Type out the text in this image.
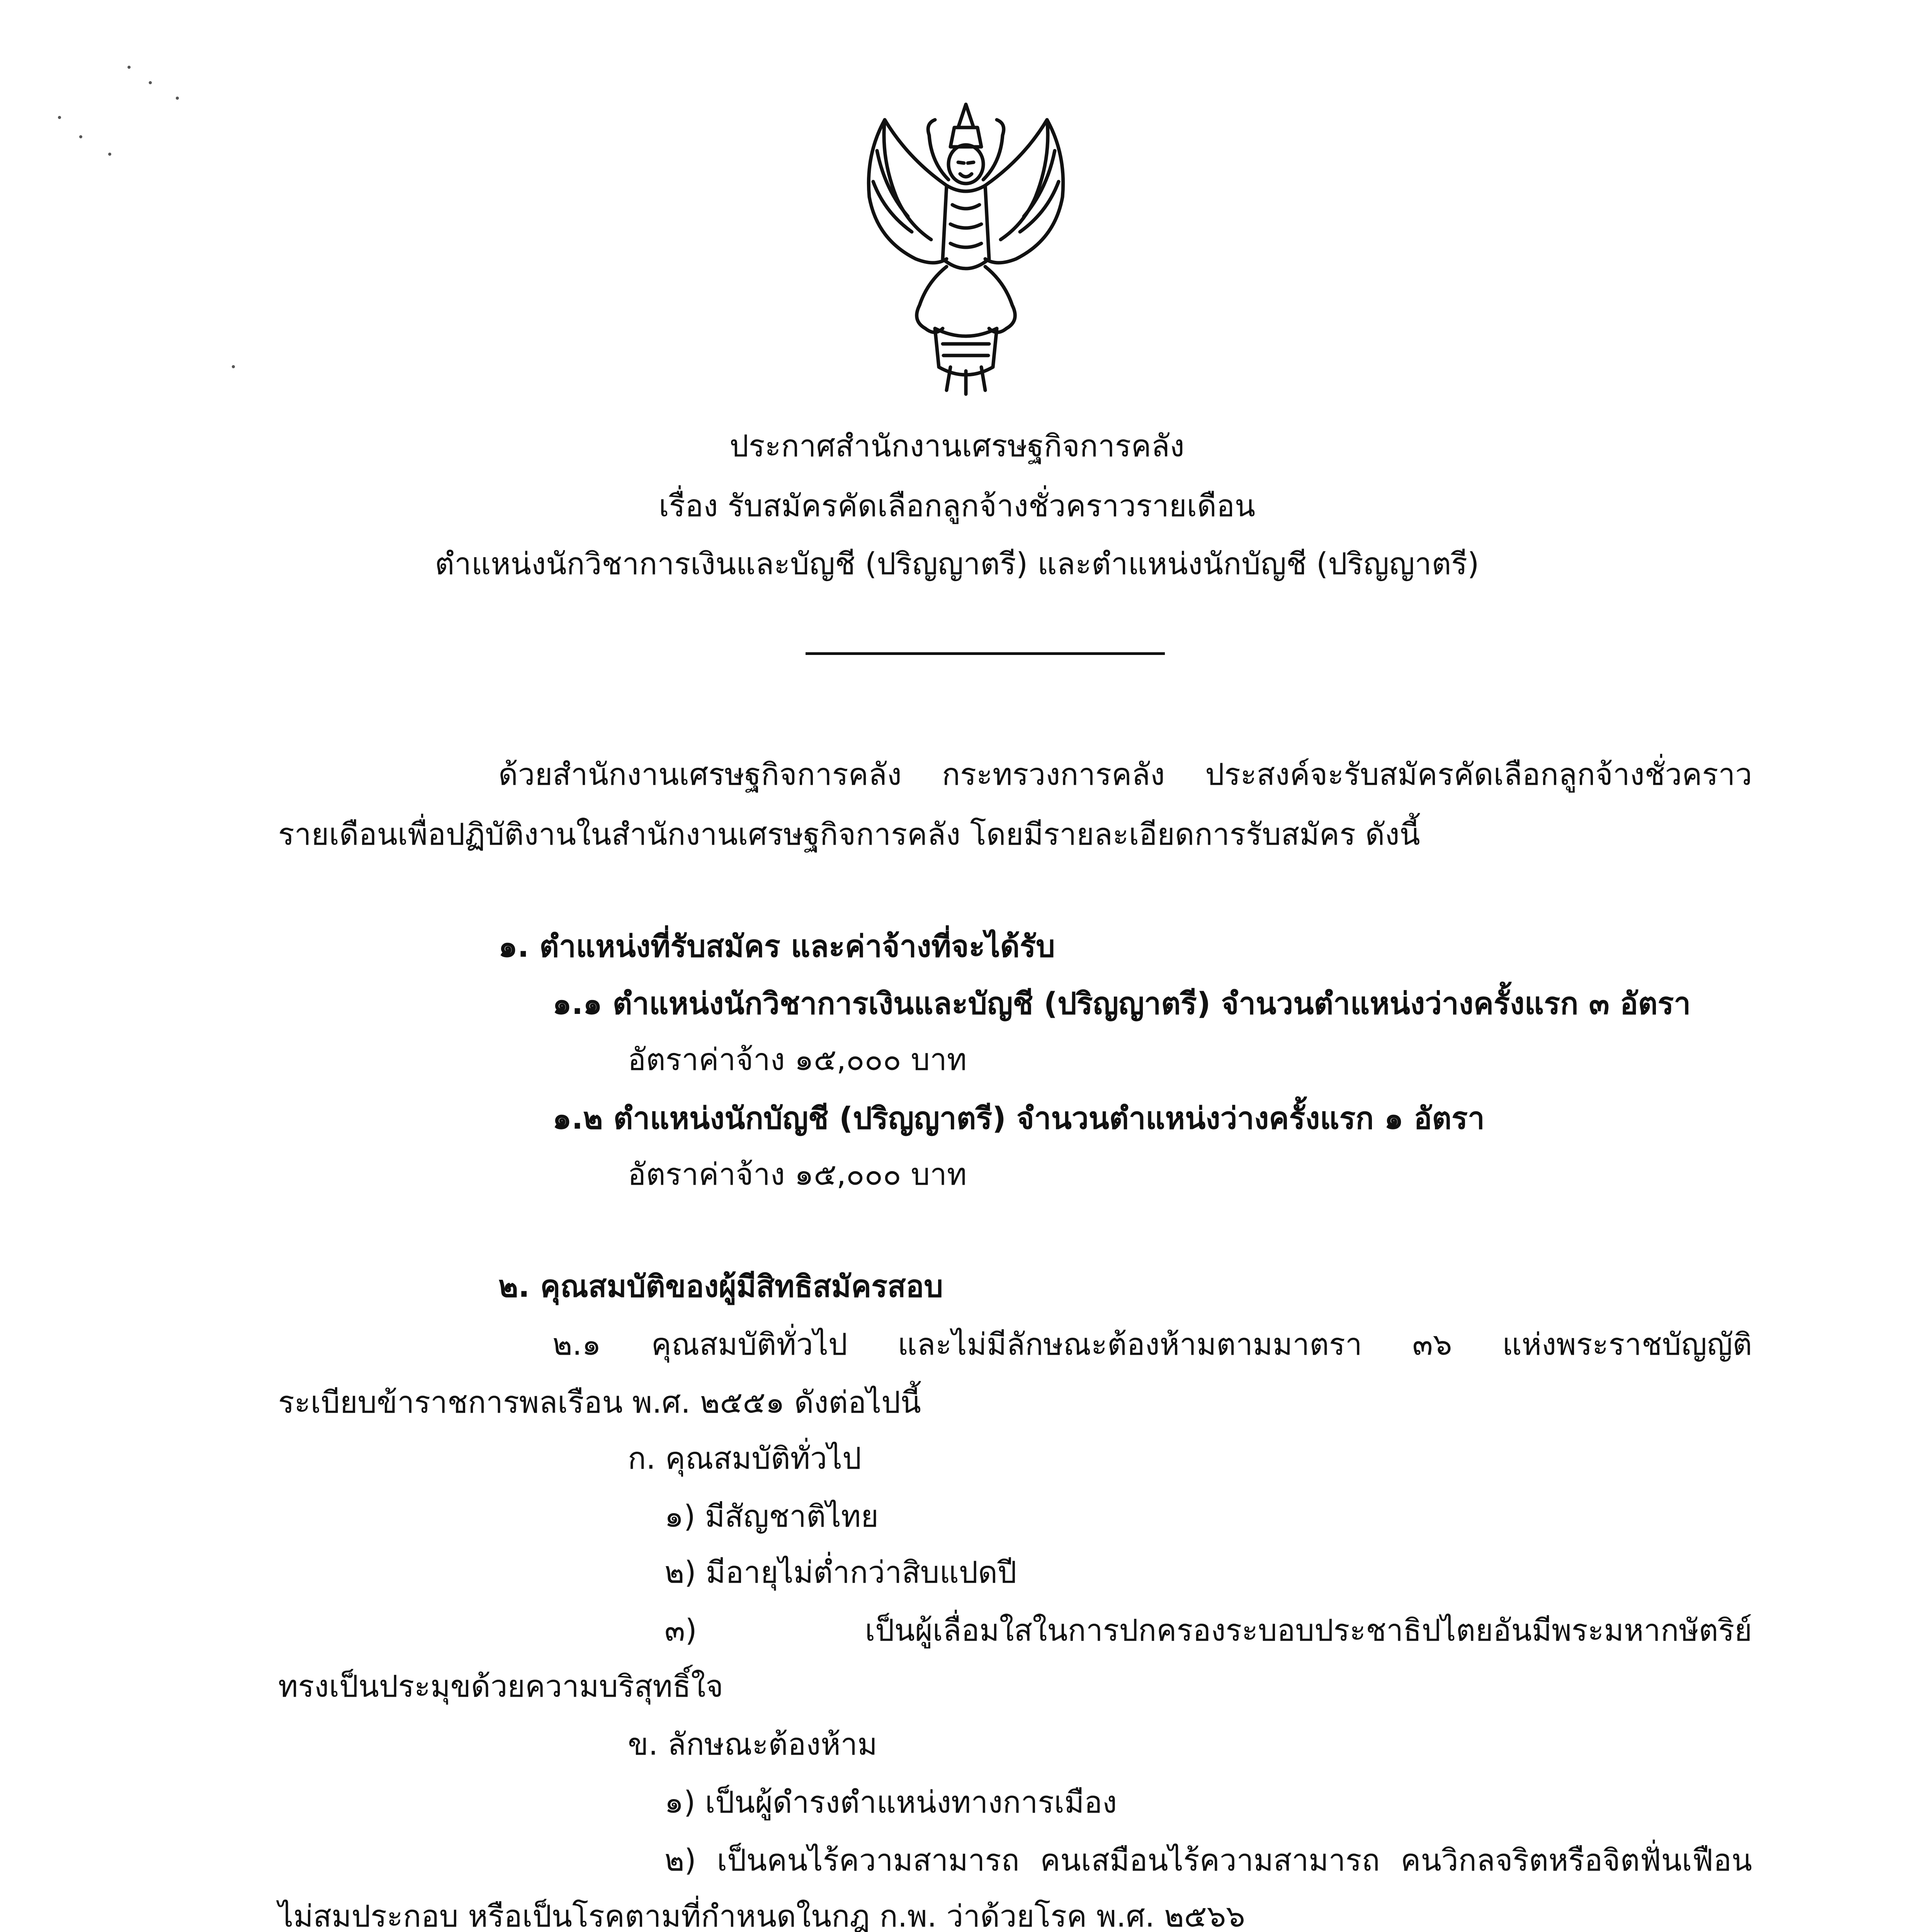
ประกาศสำนักงานเศรษฐกิจการคลัง
เรื่อง รับสมัครคัดเลือกลูกจ้างชั่วคราวรายเดือน
ตำแหน่งนักวิชาการเงินและบัญชี (ปริญญาตรี) และตำแหน่งนักบัญชี (ปริญญาตรี)
ด้วยสำนักงานเศรษฐกิจการคลัง กระทรวงการคลัง ประสงค์จะรับสมัครคัดเลือกลูกจ้างชั่วคราว
รายเดือนเพื่อปฏิบัติงานในสำนักงานเศรษฐกิจการคลัง โดยมีรายละเอียดการรับสมัคร ดังนี้
๑. ตำแหน่งที่รับสมัคร และค่าจ้างที่จะได้รับ
๑.๑ ตำแหน่งนักวิชาการเงินและบัญชี (ปริญญาตรี) จำนวนตำแหน่งว่างครั้งแรก ๓ อัตรา
อัตราค่าจ้าง ๑๕,๐๐๐ บาท
๑.๒ ตำแหน่งนักบัญชี (ปริญญาตรี) จำนวนตำแหน่งว่างครั้งแรก ๑ อัตรา
อัตราค่าจ้าง ๑๕,๐๐๐ บาท
๒. คุณสมบัติของผู้มีสิทธิสมัครสอบ
๒.๑ คุณสมบัติทั่วไป และไม่มีลักษณะต้องห้ามตามมาตรา ๓๖ แห่งพระราชบัญญัติ
ระเบียบข้าราชการพลเรือน พ.ศ. ๒๕๕๑ ดังต่อไปนี้
ก. คุณสมบัติทั่วไป
๑) มีสัญชาติไทย
๒) มีอายุไม่ต่ำกว่าสิบแปดปี
๓) เป็นผู้เลื่อมใสในการปกครองระบอบประชาธิปไตยอันมีพระมหากษัตริย์
ทรงเป็นประมุขด้วยความบริสุทธิ์ใจ
ข. ลักษณะต้องห้าม
๑) เป็นผู้ดำรงตำแหน่งทางการเมือง
๒) เป็นคนไร้ความสามารถ คนเสมือนไร้ความสามารถ คนวิกลจริตหรือจิตฟั่นเฟือน
ไม่สมประกอบ หรือเป็นโรคตามที่กำหนดในกฎ ก.พ. ว่าด้วยโรค พ.ศ. ๒๕๖๖
